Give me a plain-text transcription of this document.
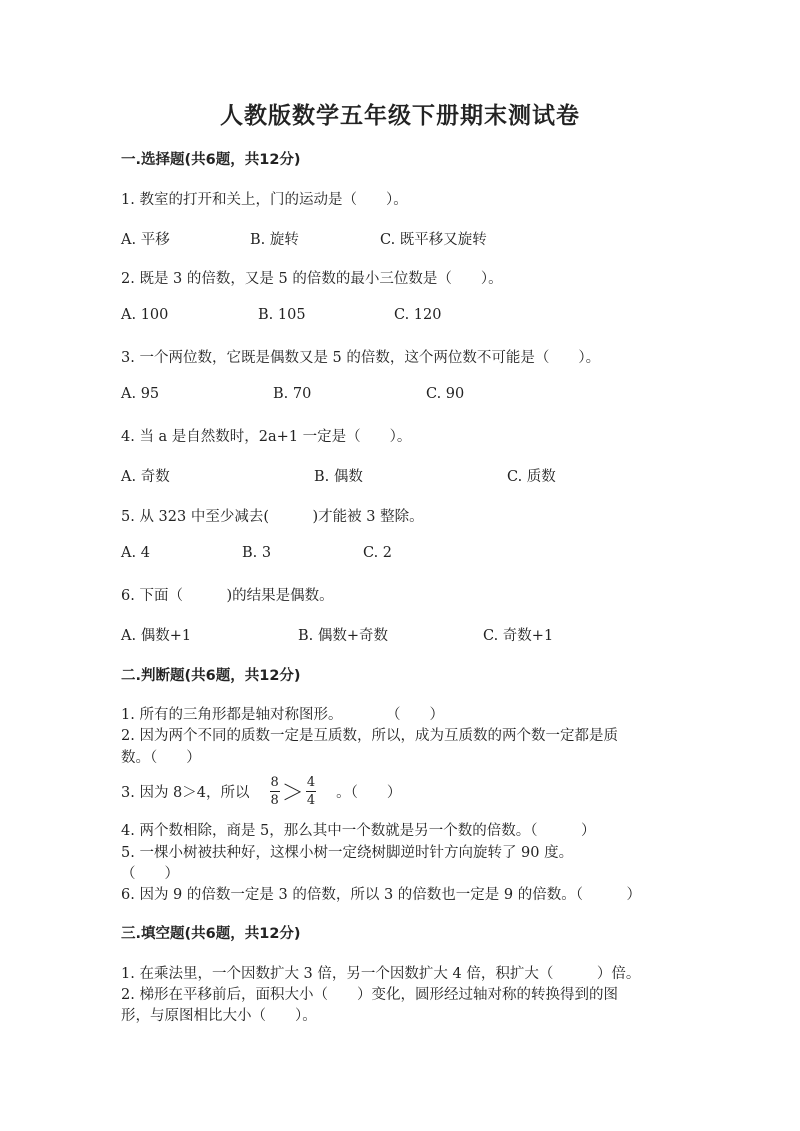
人教版数学五年级下册期末测试卷
一.选择题(共6题，共12分)
1. 教室的打开和关上，门的运动是（　　）。
A. 平移	B. 旋转	C. 既平移又旋转
2. 既是 3 的倍数，又是 5 的倍数的最小三位数是（　　）。
A. 100	B. 105	C. 120
3. 一个两位数，它既是偶数又是 5 的倍数，这个两位数不可能是（　　）。
A. 95	B. 70	C. 90
4. 当 a 是自然数时，2a+1 一定是（　　）。
A. 奇数	B. 偶数	C. 质数
5. 从 323 中至少减去(　　　)才能被 3 整除。
A. 4	B. 3	C. 2
6. 下面（　　　)的结果是偶数。
A. 偶数+1	B. 偶数+奇数	C. 奇数+1
二.判断题(共6题，共12分)
1. 所有的三角形都是轴对称图形。　　　　（　　）
2. 因为两个不同的质数一定是互质数，所以，成为互质数的两个数一定都是质
数。（　　）
3. 因为 8＞4，所以 $\frac{8}{8} > \frac{4}{4}$ 。（　　）
4. 两个数相除，商是 5，那么其中一个数就是另一个数的倍数。（　　　）
5. 一棵小树被扶种好，这棵小树一定绕树脚逆时针方向旋转了 90 度。
（　　）
6. 因为 9 的倍数一定是 3 的倍数，所以 3 的倍数也一定是 9 的倍数。（　　　）
三.填空题(共6题，共12分)
1. 在乘法里，一个因数扩大 3 倍，另一个因数扩大 4 倍，积扩大（　　　）倍。
2. 梯形在平移前后，面积大小（　　）变化，圆形经过轴对称的转换得到的图
形，与原图相比大小（　　）。
